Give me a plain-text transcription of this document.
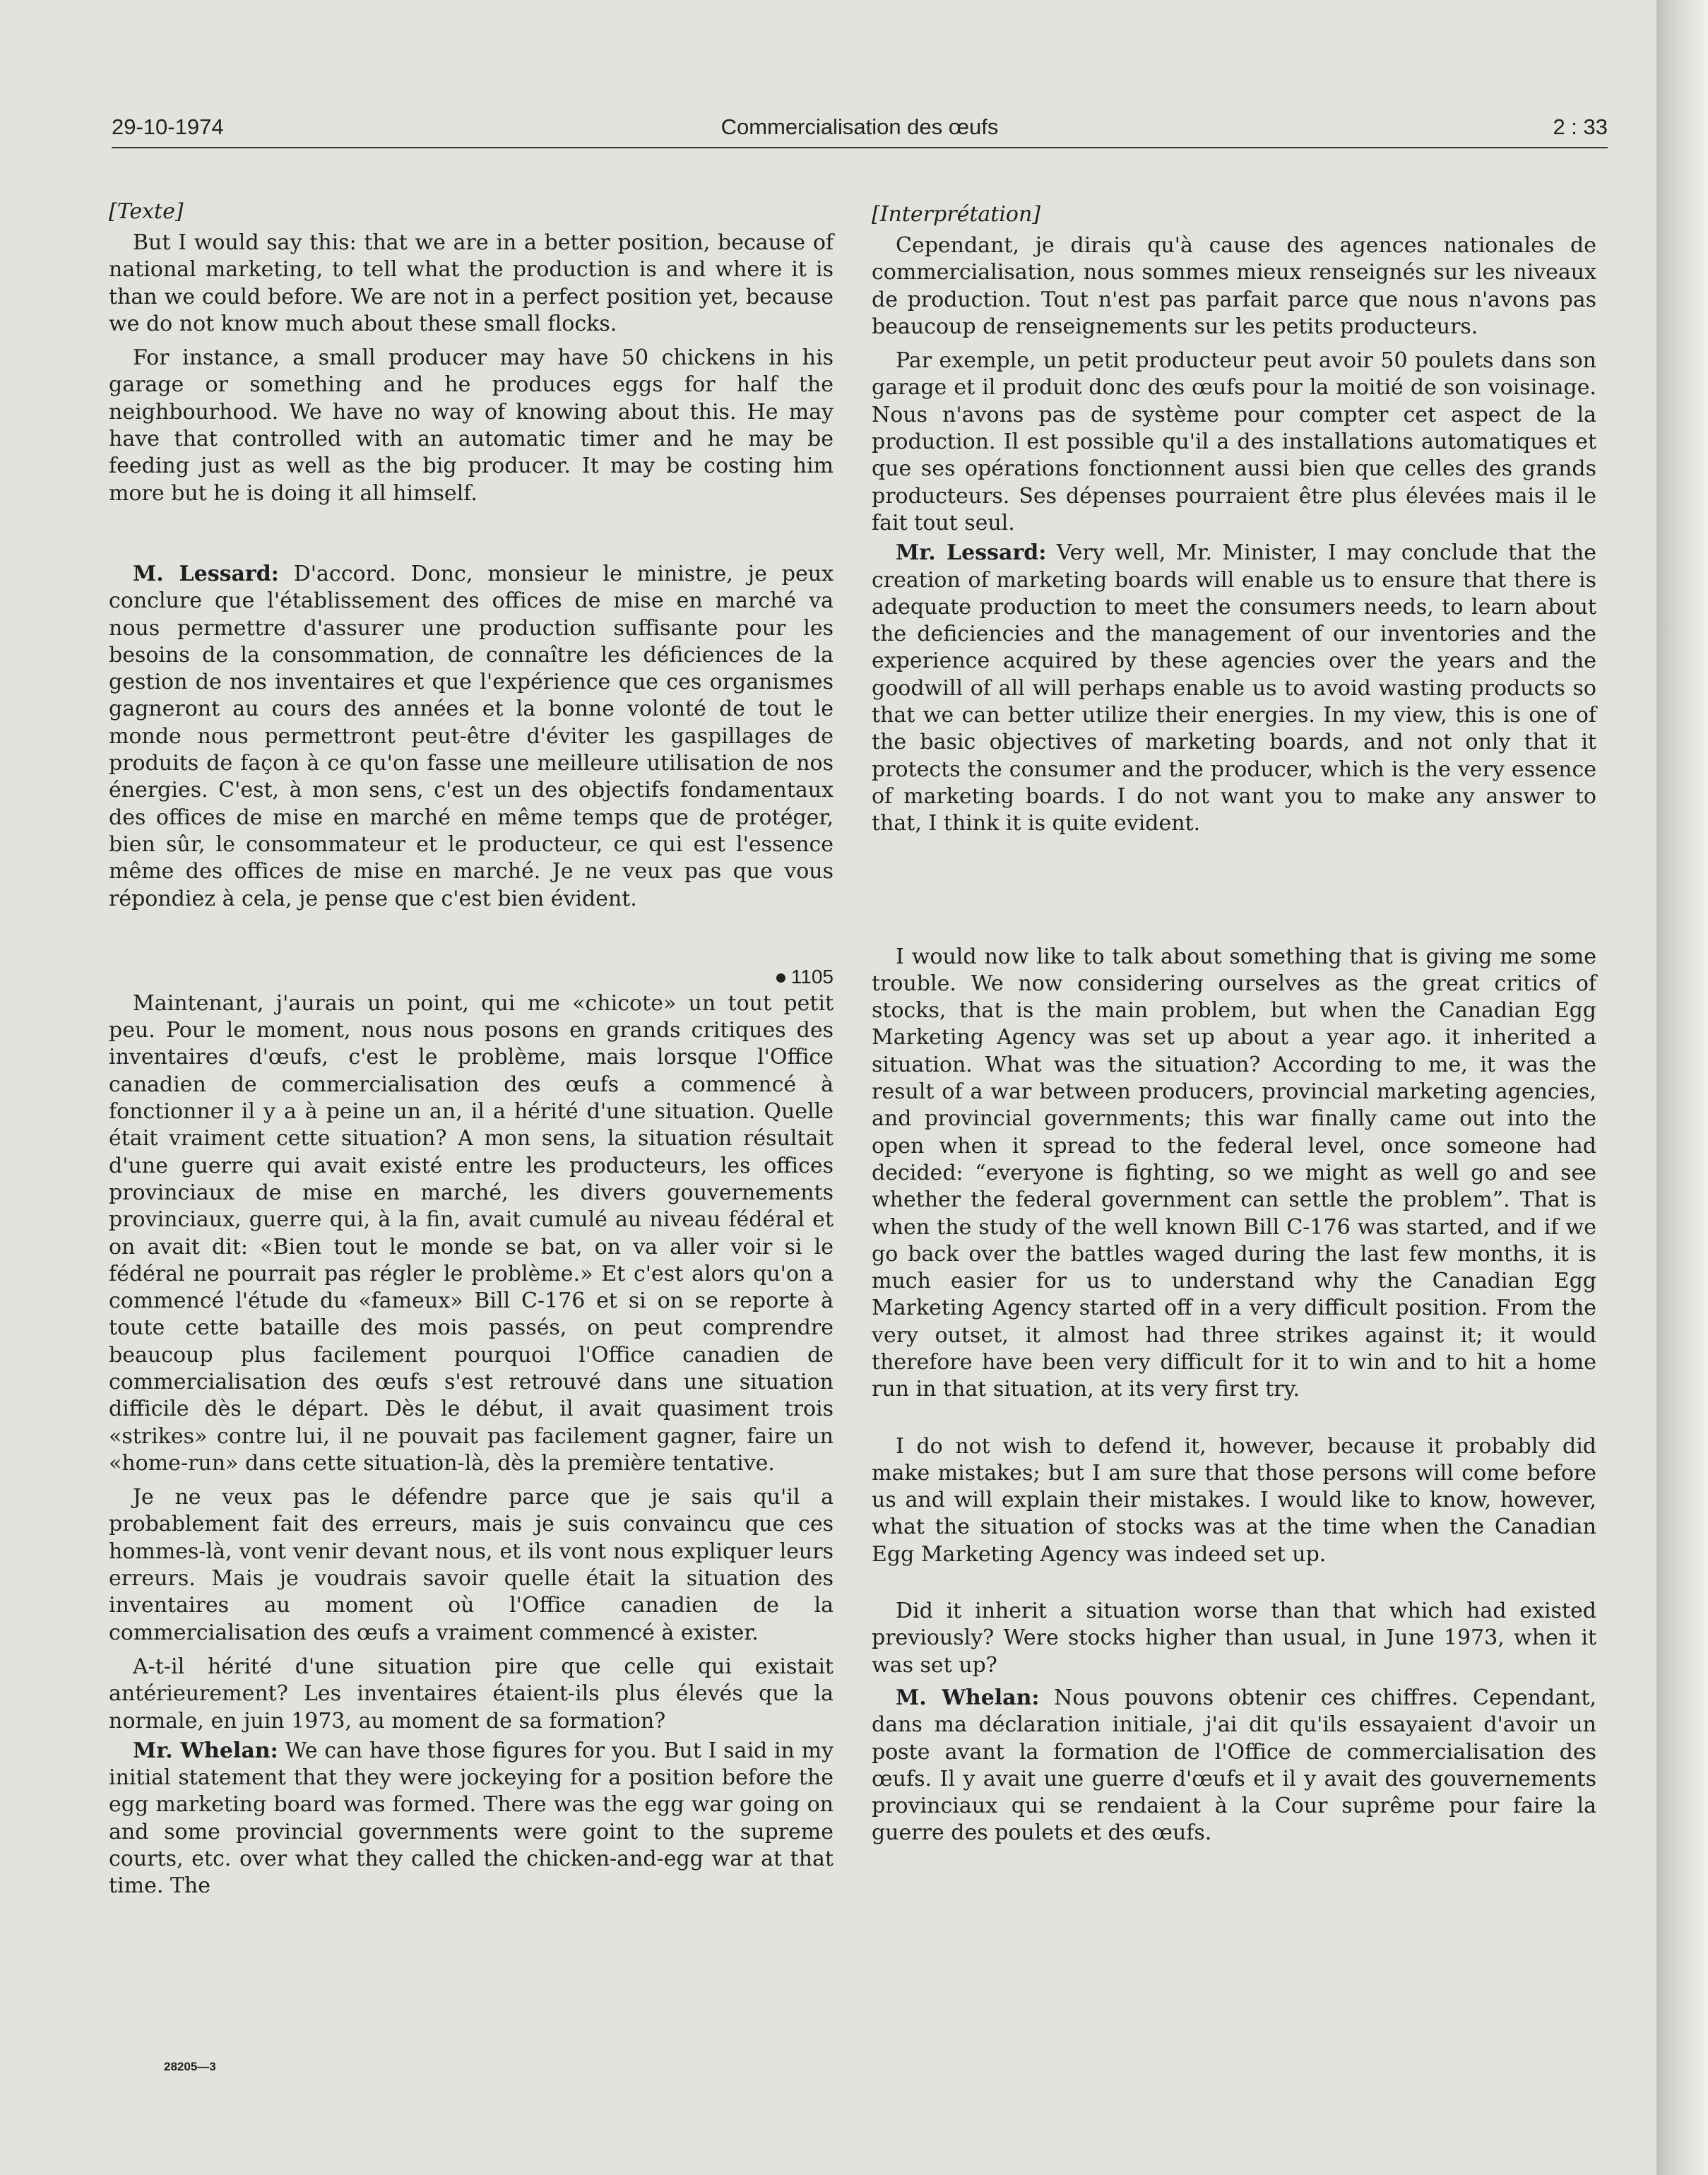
29-10-1974	Commercialisation des œufs	2 : 33

[Texte]

But I would say this: that we are in a better position, because of national marketing, to tell what the production is and where it is than we could before. We are not in a perfect position yet, because we do not know much about these small flocks.

For instance, a small producer may have 50 chickens in his garage or something and he produces eggs for half the neighbourhood. We have no way of knowing about this. He may have that controlled with an automatic timer and he may be feeding just as well as the big producer. It may be costing him more but he is doing it all himself.

M. Lessard: D'accord. Donc, monsieur le ministre, je peux conclure que l'établissement des offices de mise en marché va nous permettre d'assurer une production suffisante pour les besoins de la consommation, de connaître les déficiences de la gestion de nos inventaires et que l'expérience que ces organismes gagneront au cours des années et la bonne volonté de tout le monde nous permettront peut-être d'éviter les gaspillages de produits de façon à ce qu'on fasse une meilleure utilisation de nos énergies. C'est, à mon sens, c'est un des objectifs fondamentaux des offices de mise en marché en même temps que de protéger, bien sûr, le consommateur et le producteur, ce qui est l'essence même des offices de mise en marché. Je ne veux pas que vous répondiez à cela, je pense que c'est bien évident.

1105

Maintenant, j'aurais un point, qui me «chicote» un tout petit peu. Pour le moment, nous nous posons en grands critiques des inventaires d'œufs, c'est le problème, mais lorsque l'Office canadien de commercialisation des œufs a commencé à fonctionner il y a à peine un an, il a hérité d'une situation. Quelle était vraiment cette situation? A mon sens, la situation résultait d'une guerre qui avait existé entre les producteurs, les offices provinciaux de mise en marché, les divers gouvernements provinciaux, guerre qui, à la fin, avait cumulé au niveau fédéral et on avait dit: «Bien tout le monde se bat, on va aller voir si le fédéral ne pourrait pas régler le problème.» Et c'est alors qu'on a commencé l'étude du «fameux» Bill C-176 et si on se reporte à toute cette bataille des mois passés, on peut comprendre beaucoup plus facilement pourquoi l'Office canadien de commercialisation des œufs s'est retrouvé dans une situation difficile dès le départ. Dès le début, il avait quasiment trois «strikes» contre lui, il ne pouvait pas facilement gagner, faire un «home-run» dans cette situation-là, dès la première tentative.

Je ne veux pas le défendre parce que je sais qu'il a probablement fait des erreurs, mais je suis convaincu que ces hommes-là, vont venir devant nous, et ils vont nous expliquer leurs erreurs. Mais je voudrais savoir quelle était la situation des inventaires au moment où l'Office canadien de la commercialisation des œufs a vraiment commencé à exister.

A-t-il hérité d'une situation pire que celle qui existait antérieurement? Les inventaires étaient-ils plus élevés que la normale, en juin 1973, au moment de sa formation?

Mr. Whelan: We can have those figures for you. But I said in my initial statement that they were jockeying for a position before the egg marketing board was formed. There was the egg war going on and some provincial governments were goint to the supreme courts, etc. over what they called the chicken-and-egg war at that time. The

[Interprétation]

Cependant, je dirais qu'à cause des agences nationales de commercialisation, nous sommes mieux renseignés sur les niveaux de production. Tout n'est pas parfait parce que nous n'avons pas beaucoup de renseignements sur les petits producteurs.

Par exemple, un petit producteur peut avoir 50 poulets dans son garage et il produit donc des œufs pour la moitié de son voisinage. Nous n'avons pas de système pour compter cet aspect de la production. Il est possible qu'il a des installations automatiques et que ses opérations fonctionnent aussi bien que celles des grands producteurs. Ses dépenses pourraient être plus élevées mais il le fait tout seul.

Mr. Lessard: Very well, Mr. Minister, I may conclude that the creation of marketing boards will enable us to ensure that there is adequate production to meet the consumers needs, to learn about the deficiencies and the management of our inventories and the experience acquired by these agencies over the years and the goodwill of all will perhaps enable us to avoid wasting products so that we can better utilize their energies. In my view, this is one of the basic objectives of marketing boards, and not only that it protects the consumer and the producer, which is the very essence of marketing boards. I do not want you to make any answer to that, I think it is quite evident.

I would now like to talk about something that is giving me some trouble. We now considering ourselves as the great critics of stocks, that is the main problem, but when the Canadian Egg Marketing Agency was set up about a year ago. it inherited a situation. What was the situation? According to me, it was the result of a war between producers, provincial marketing agencies, and provincial governments; this war finally came out into the open when it spread to the federal level, once someone had decided: “everyone is fighting, so we might as well go and see whether the federal government can settle the problem”. That is when the study of the well known Bill C-176 was started, and if we go back over the battles waged during the last few months, it is much easier for us to understand why the Canadian Egg Marketing Agency started off in a very difficult position. From the very outset, it almost had three strikes against it; it would therefore have been very difficult for it to win and to hit a home run in that situation, at its very first try.

I do not wish to defend it, however, because it probably did make mistakes; but I am sure that those persons will come before us and will explain their mistakes. I would like to know, however, what the situation of stocks was at the time when the Canadian Egg Marketing Agency was indeed set up.

Did it inherit a situation worse than that which had existed previously? Were stocks higher than usual, in June 1973, when it was set up?

M. Whelan: Nous pouvons obtenir ces chiffres. Cependant, dans ma déclaration initiale, j'ai dit qu'ils essayaient d'avoir un poste avant la formation de l'Office de commercialisation des œufs. Il y avait une guerre d'œufs et il y avait des gouvernements provinciaux qui se rendaient à la Cour suprême pour faire la guerre des poulets et des œufs.

28205—3
